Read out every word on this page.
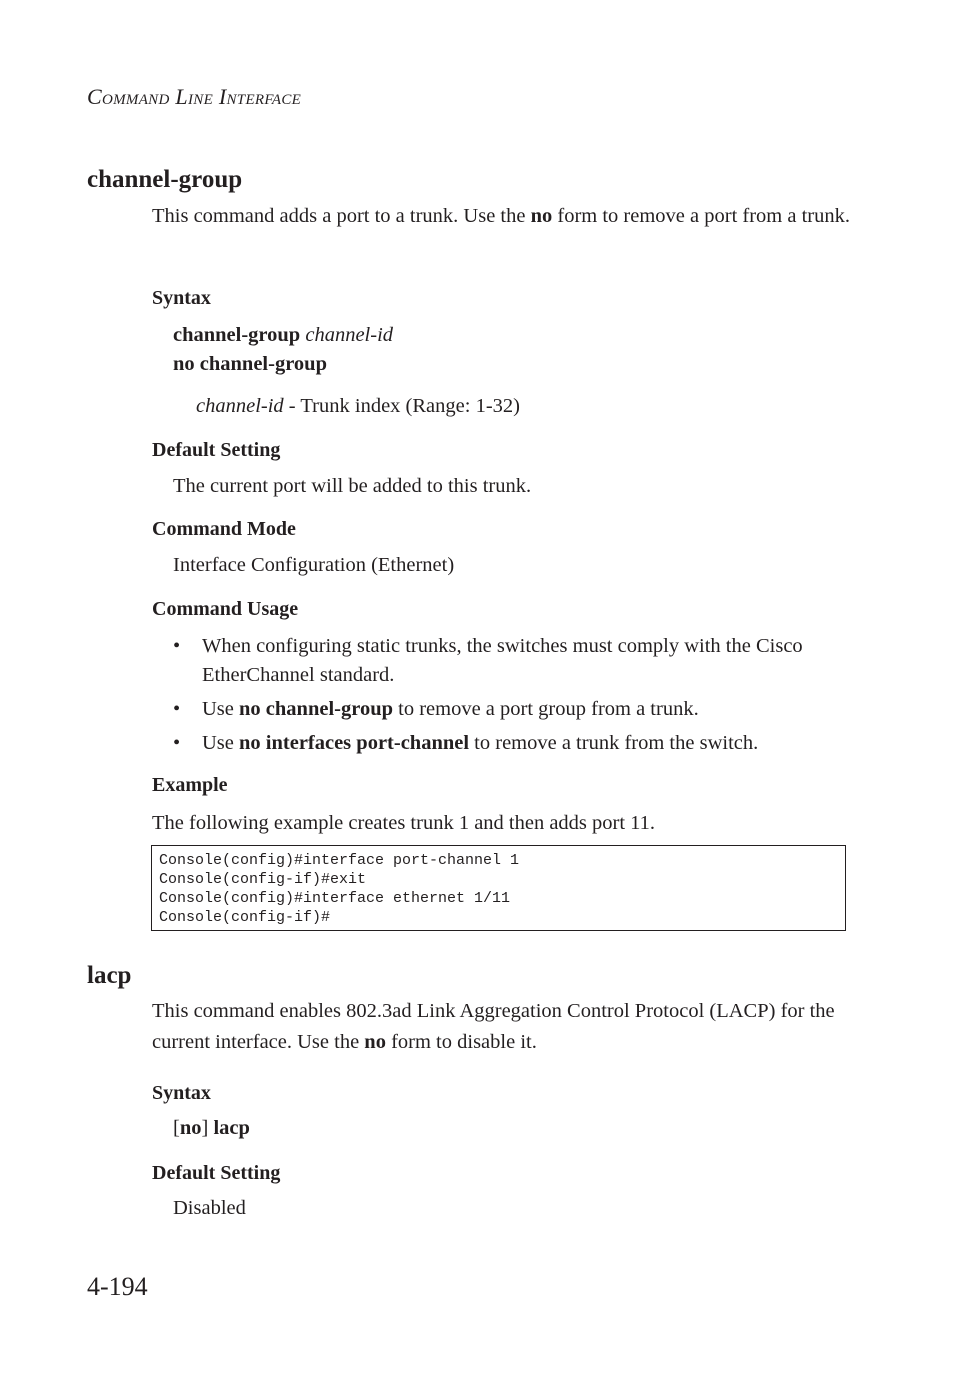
COMMAND LINE INTERFACE
channel-group
This command adds a port to a trunk. Use the no form to remove a port from a trunk.
Syntax
channel-group channel-id
no channel-group
channel-id - Trunk index (Range: 1-32)
Default Setting
The current port will be added to this trunk.
Command Mode
Interface Configuration (Ethernet)
Command Usage
• When configuring static trunks, the switches must comply with the Cisco EtherChannel standard.
• Use no channel-group to remove a port group from a trunk.
• Use no interfaces port-channel to remove a trunk from the switch.
Example
The following example creates trunk 1 and then adds port 11.
Console(config)#interface port-channel 1
Console(config-if)#exit
Console(config)#interface ethernet 1/11
Console(config-if)#
lacp
This command enables 802.3ad Link Aggregation Control Protocol (LACP) for the current interface. Use the no form to disable it.
Syntax
[no] lacp
Default Setting
Disabled
4-194
